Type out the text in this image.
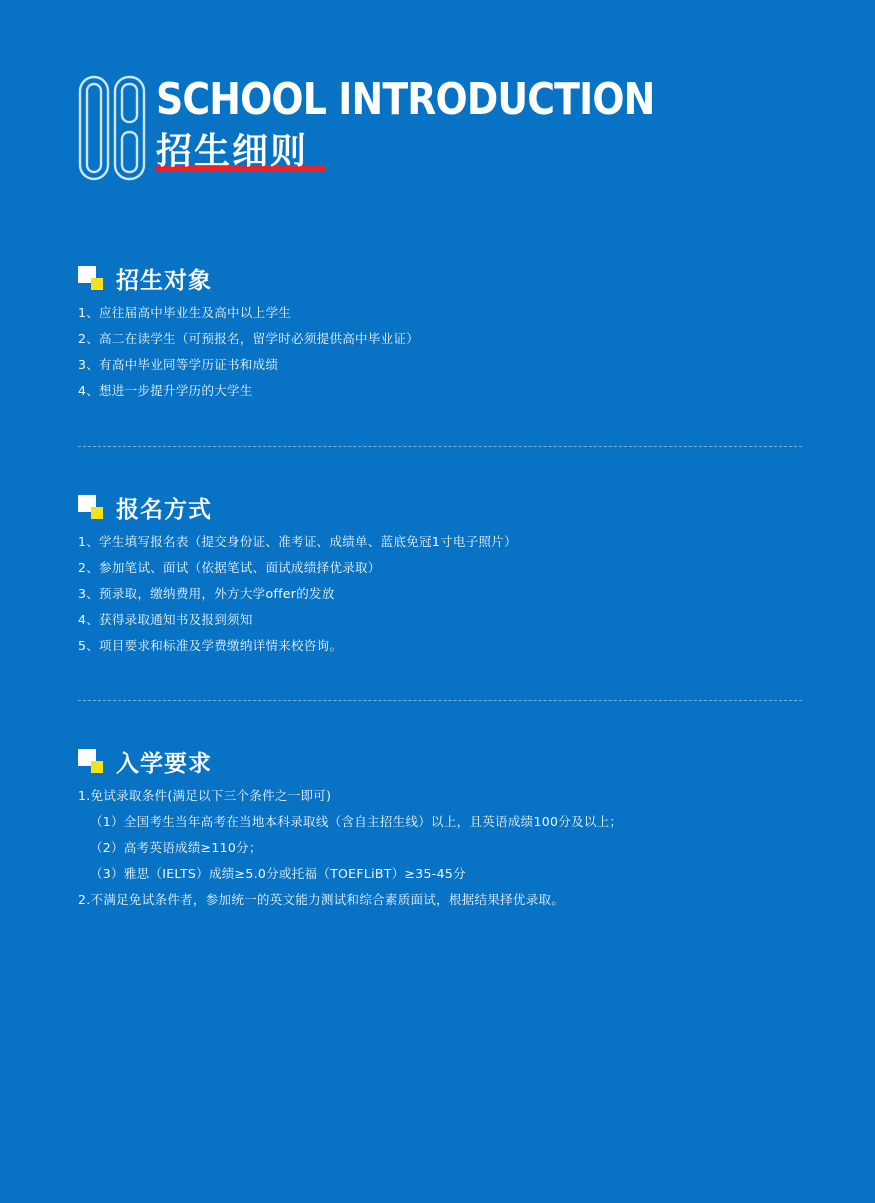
SCHOOL INTRODUCTION
招生细则
招生对象
1、应往届高中毕业生及高中以上学生
2、高二在读学生（可预报名，留学时必须提供高中毕业证）
3、有高中毕业同等学历证书和成绩
4、想进一步提升学历的大学生
报名方式
1、学生填写报名表（提交身份证、准考证、成绩单、蓝底免冠1寸电子照片）
2、参加笔试、面试（依据笔试、面试成绩择优录取）
3、预录取，缴纳费用，外方大学offer的发放
4、获得录取通知书及报到须知
5、项目要求和标准及学费缴纳详情来校咨询。
入学要求
1.免试录取条件(满足以下三个条件之一即可)
（1）全国考生当年高考在当地本科录取线（含自主招生线）以上，且英语成绩100分及以上；
（2）高考英语成绩≥110分；
（3）雅思（IELTS）成绩≥5.0分或托福（TOEFLiBT）≥35-45分
2.不满足免试条件者，参加统一的英文能力测试和综合素质面试，根据结果择优录取。
